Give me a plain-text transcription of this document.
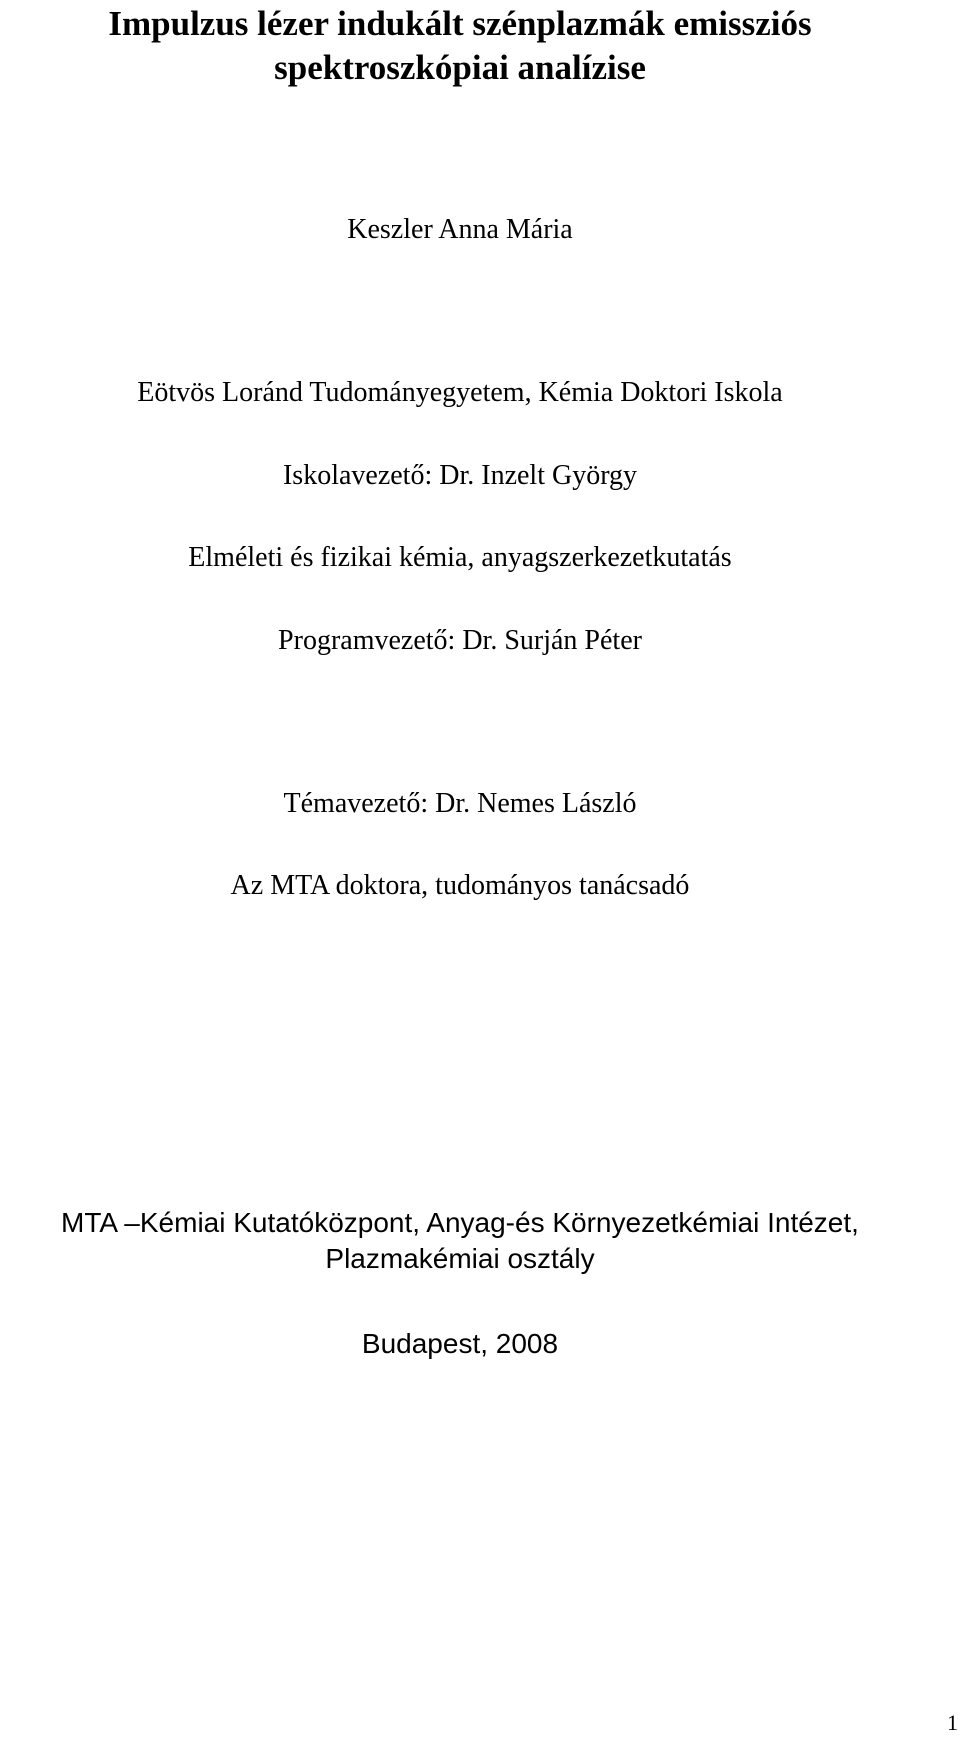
Impulzus lézer indukált szénplazmák emissziós
spektroszkópiai analízise
Keszler Anna Mária
Eötvös Loránd Tudományegyetem, Kémia Doktori Iskola
Iskolavezető: Dr. Inzelt György
Elméleti és fizikai kémia, anyagszerkezetkutatás
Programvezető: Dr. Surján Péter
Témavezető: Dr. Nemes László
Az MTA doktora, tudományos tanácsadó
MTA –Kémiai Kutatóközpont, Anyag-és Környezetkémiai Intézet,
Plazmakémiai osztály
Budapest, 2008
1
